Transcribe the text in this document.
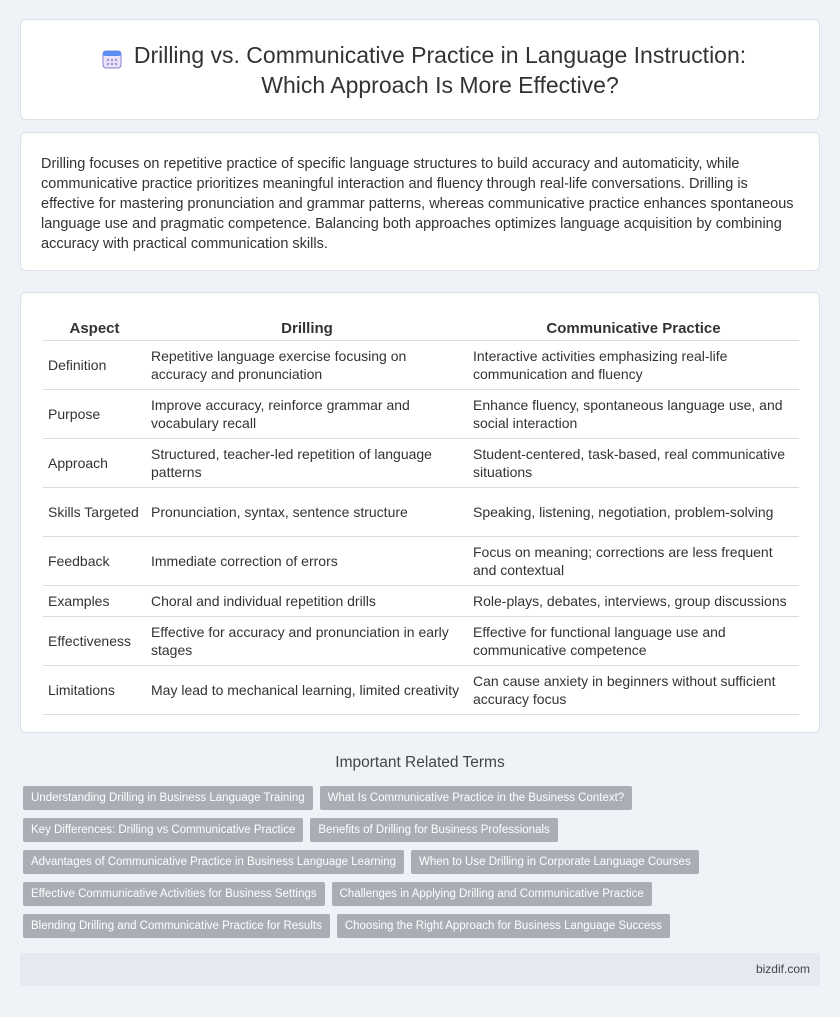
Drilling vs. Communicative Practice in Language Instruction: Which Approach Is More Effective?

Drilling focuses on repetitive practice of specific language structures to build accuracy and automaticity, while communicative practice prioritizes meaningful interaction and fluency through real-life conversations. Drilling is effective for mastering pronunciation and grammar patterns, whereas communicative practice enhances spontaneous language use and pragmatic competence. Balancing both approaches optimizes language acquisition by combining accuracy with practical communication skills.

Aspect	Drilling	Communicative Practice
Definition	Repetitive language exercise focusing on accuracy and pronunciation	Interactive activities emphasizing real-life communication and fluency
Purpose	Improve accuracy, reinforce grammar and vocabulary recall	Enhance fluency, spontaneous language use, and social interaction
Approach	Structured, teacher-led repetition of language patterns	Student-centered, task-based, real communicative situations
Skills Targeted	Pronunciation, syntax, sentence structure	Speaking, listening, negotiation, problem-solving
Feedback	Immediate correction of errors	Focus on meaning; corrections are less frequent and contextual
Examples	Choral and individual repetition drills	Role-plays, debates, interviews, group discussions
Effectiveness	Effective for accuracy and pronunciation in early stages	Effective for functional language use and communicative competence
Limitations	May lead to mechanical learning, limited creativity	Can cause anxiety in beginners without sufficient accuracy focus
Important Related Terms
Understanding Drilling in Business Language Training	What Is Communicative Practice in the Business Context?
Key Differences: Drilling vs Communicative Practice	Benefits of Drilling for Business Professionals
Advantages of Communicative Practice in Business Language Learning	When to Use Drilling in Corporate Language Courses
Effective Communicative Activities for Business Settings	Challenges in Applying Drilling and Communicative Practice
Blending Drilling and Communicative Practice for Results	Choosing the Right Approach for Business Language Success
bizdif.com
